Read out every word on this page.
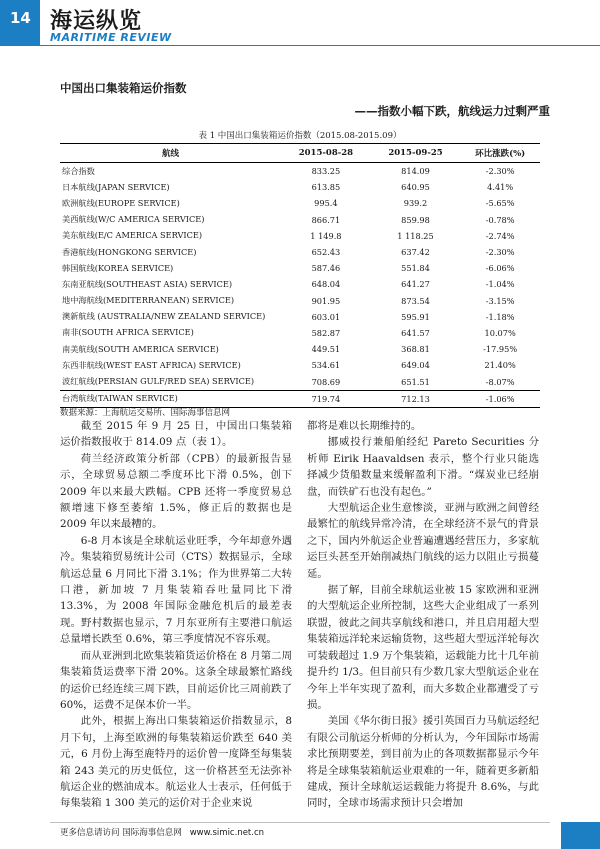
14 海运纵览
MARITIME REVIEW
中国出口集装箱运价指数
——指数小幅下跌，航线运力过剩严重
表 1 中国出口集装箱运价指数（2015.08-2015.09）
航线	2015-08-28	2015-09-25	环比涨跌(%)
综合指数	833.25	814.09	-2.30%
日本航线(JAPAN SERVICE)	613.85	640.95	4.41%
欧洲航线(EUROPE SERVICE)	995.4	939.2	-5.65%
美西航线(W/C AMERICA SERVICE)	866.71	859.98	-0.78%
美东航线(E/C AMERICA SERVICE)	1 149.8	1 118.25	-2.74%
香港航线(HONGKONG SERVICE)	652.43	637.42	-2.30%
韩国航线(KOREA SERVICE)	587.46	551.84	-6.06%
东南亚航线(SOUTHEAST ASIA) SERVICE)	648.04	641.27	-1.04%
地中海航线(MEDITERRANEAN) SERVICE)	901.95	873.54	-3.15%
澳新航线 (AUSTRALIA/NEW ZEALAND SERVICE)	603.01	595.91	-1.18%
南非(SOUTH AFRICA SERVICE)	582.87	641.57	10.07%
南美航线(SOUTH AMERICA SERVICE)	449.51	368.81	-17.95%
东西非航线(WEST EAST AFRICA) SERVICE)	534.61	649.04	21.40%
波红航线(PERSIAN GULF/RED SEA) SERVICE)	708.69	651.51	-8.07%
台湾航线(TAIWAN SERVICE)	719.74	712.13	-1.06%
数据来源：上海航运交易所、国际海事信息网

截至 2015 年 9 月 25 日，中国出口集装箱运价指数报收于 814.09 点（表 1）。

荷兰经济政策分析部（CPB）的最新报告显示，全球贸易总额二季度环比下滑 0.5%，创下 2009 年以来最大跌幅。CPB 还将一季度贸易总额增速下修至萎缩 1.5%，修正后的数据也是 2009 年以来最糟的。

6-8 月本该是全球航运业旺季，今年却意外遇冷。集装箱贸易统计公司（CTS）数据显示，全球航运总量 6 月同比下滑 3.1%；作为世界第二大转口港，新加坡 7 月集装箱吞吐量同比下滑 13.3%，为 2008 年国际金融危机后的最差表现。野村数据也显示，7 月东亚所有主要港口航运总量增长跌至 0.6%，第三季度情况不容乐观。

而从亚洲到北欧集装箱货运价格在 8 月第二周集装箱货运费率下滑 20%。这条全球最繁忙路线的运价已经连续三周下跌，目前运价比三周前跌了 60%，运费不足保本价一半。

此外，根据上海出口集装箱运价指数显示，8 月下旬，上海至欧洲的每集装箱运价跌至 640 美元，6 月份上海至鹿特丹的运价曾一度降至每集装箱 243 美元的历史低位，这一价格甚至无法弥补航运企业的燃油成本。航运业人士表示，任何低于每集装箱 1 300 美元的运价对于企业来说

都将是难以长期维持的。

挪威投行兼船舶经纪 Pareto Securities 分析师 Eirik Haavaldsen 表示，整个行业只能选择减少货船数量来缓解盈利下滑。“煤炭业已经崩盘，而铁矿石也没有起色。”

大型航运企业生意惨淡，亚洲与欧洲之间曾经最繁忙的航线异常冷清，在全球经济不景气的背景之下，国内外航运企业普遍遭遇经营压力，多家航运巨头甚至开始削减热门航线的运力以阻止亏损蔓延。

据了解，目前全球航运业被 15 家欧洲和亚洲的大型航运企业所控制，这些大企业组成了一系列联盟，彼此之间共享航线和港口，并且启用超大型集装箱远洋轮来运输货物，这些超大型远洋轮每次可装载超过 1.9 万个集装箱，运载能力比十几年前提升约 1/3。但目前只有少数几家大型航运企业在今年上半年实现了盈利，而大多数企业都遭受了亏损。

美国《华尔街日报》援引英国百力马航运经纪有限公司航运分析师的分析认为，今年国际市场需求比预期要差，到目前为止的各项数据都显示今年将是全球集装箱航运业艰难的一年，随着更多新船建成，预计全球航运运载能力将提升 8.6%，与此同时，全球市场需求预计只会增加

更多信息请访问 国际海事信息网 www.simic.net.cn
